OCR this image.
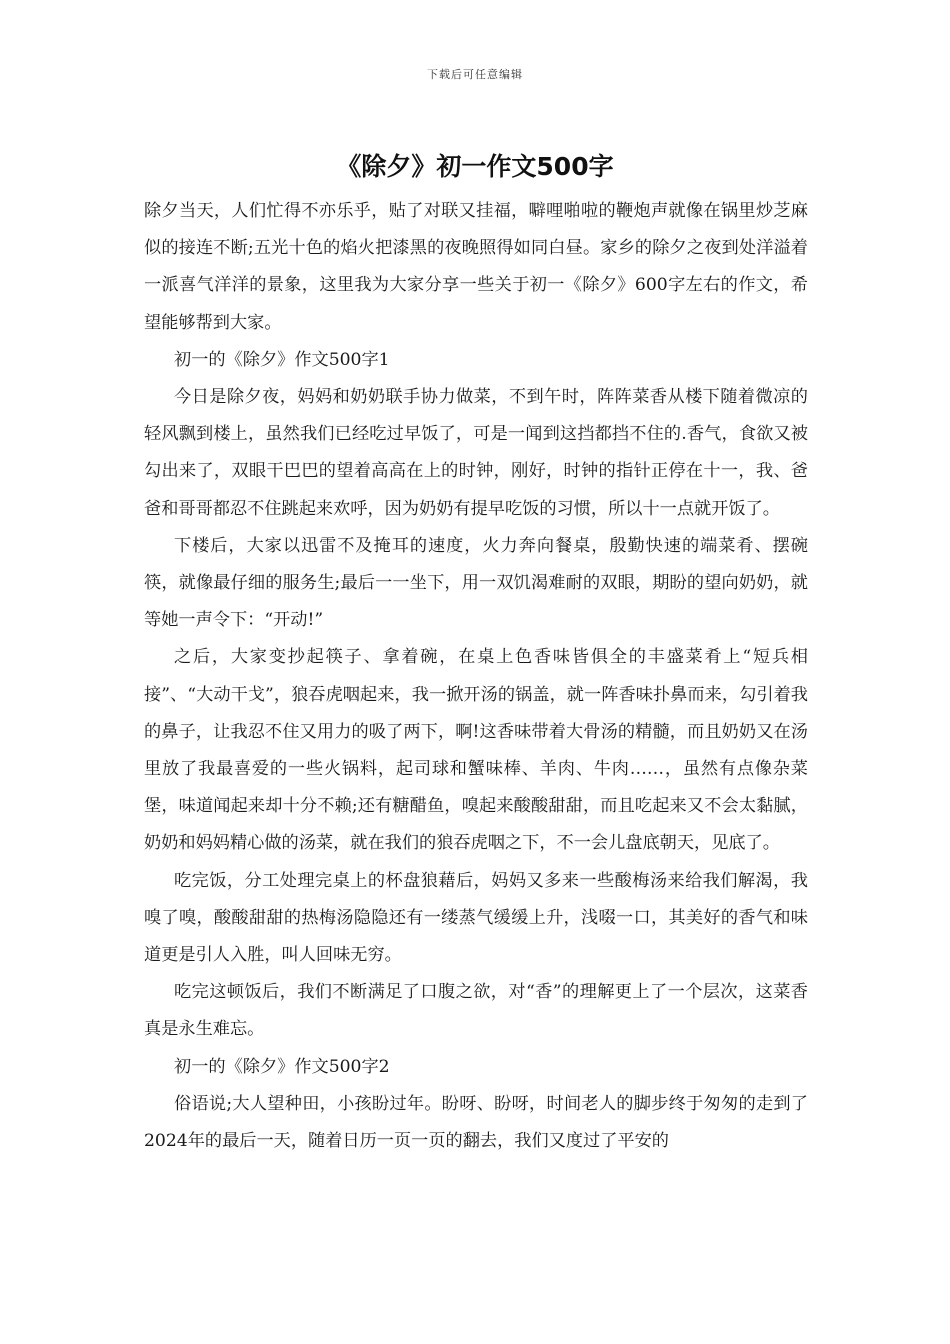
下载后可任意编辑
《除夕》初一作文500字

除夕当天，人们忙得不亦乐乎，贴了对联又挂福，噼哩啪啦的鞭炮声就像在锅里炒芝麻似的接连不断;五光十色的焰火把漆黑的夜晚照得如同白昼。家乡的除夕之夜到处洋溢着一派喜气洋洋的景象，这里我为大家分享一些关于初一《除夕》600字左右的作文，希望能够帮到大家。

初一的《除夕》作文500字1

今日是除夕夜，妈妈和奶奶联手协力做菜，不到午时，阵阵菜香从楼下随着微凉的轻风飘到楼上，虽然我们已经吃过早饭了，可是一闻到这挡都挡不住的.香气，食欲又被勾出来了，双眼干巴巴的望着高高在上的时钟，刚好，时钟的指针正停在十一，我、爸爸和哥哥都忍不住跳起来欢呼，因为奶奶有提早吃饭的习惯，所以十一点就开饭了。

下楼后，大家以迅雷不及掩耳的速度，火力奔向餐桌，殷勤快速的端菜肴、摆碗筷，就像最仔细的服务生;最后一一坐下，用一双饥渴难耐的双眼，期盼的望向奶奶，就等她一声令下：“开动!”

之后，大家变抄起筷子、拿着碗，在桌上色香味皆俱全的丰盛菜肴上“短兵相接”、“大动干戈”，狼吞虎咽起来，我一掀开汤的锅盖，就一阵香味扑鼻而来，勾引着我的鼻子，让我忍不住又用力的吸了两下，啊!这香味带着大骨汤的精髓，而且奶奶又在汤里放了我最喜爱的一些火锅料，起司球和蟹味棒、羊肉、牛肉……，虽然有点像杂菜堡，味道闻起来却十分不赖;还有糖醋鱼，嗅起来酸酸甜甜，而且吃起来又不会太黏腻，奶奶和妈妈精心做的汤菜，就在我们的狼吞虎咽之下，不一会儿盘底朝天，见底了。

吃完饭，分工处理完桌上的杯盘狼藉后，妈妈又多来一些酸梅汤来给我们解渴，我嗅了嗅，酸酸甜甜的热梅汤隐隐还有一缕蒸气缓缓上升，浅啜一口，其美好的香气和味道更是引人入胜，叫人回味无穷。

吃完这顿饭后，我们不断满足了口腹之欲，对“香”的理解更上了一个层次，这菜香真是永生难忘。

初一的《除夕》作文500字2

俗语说;大人望种田，小孩盼过年。盼呀、盼呀，时间老人的脚步终于匆匆的走到了2024年的最后一天，随着日历一页一页的翻去，我们又度过了平安的
